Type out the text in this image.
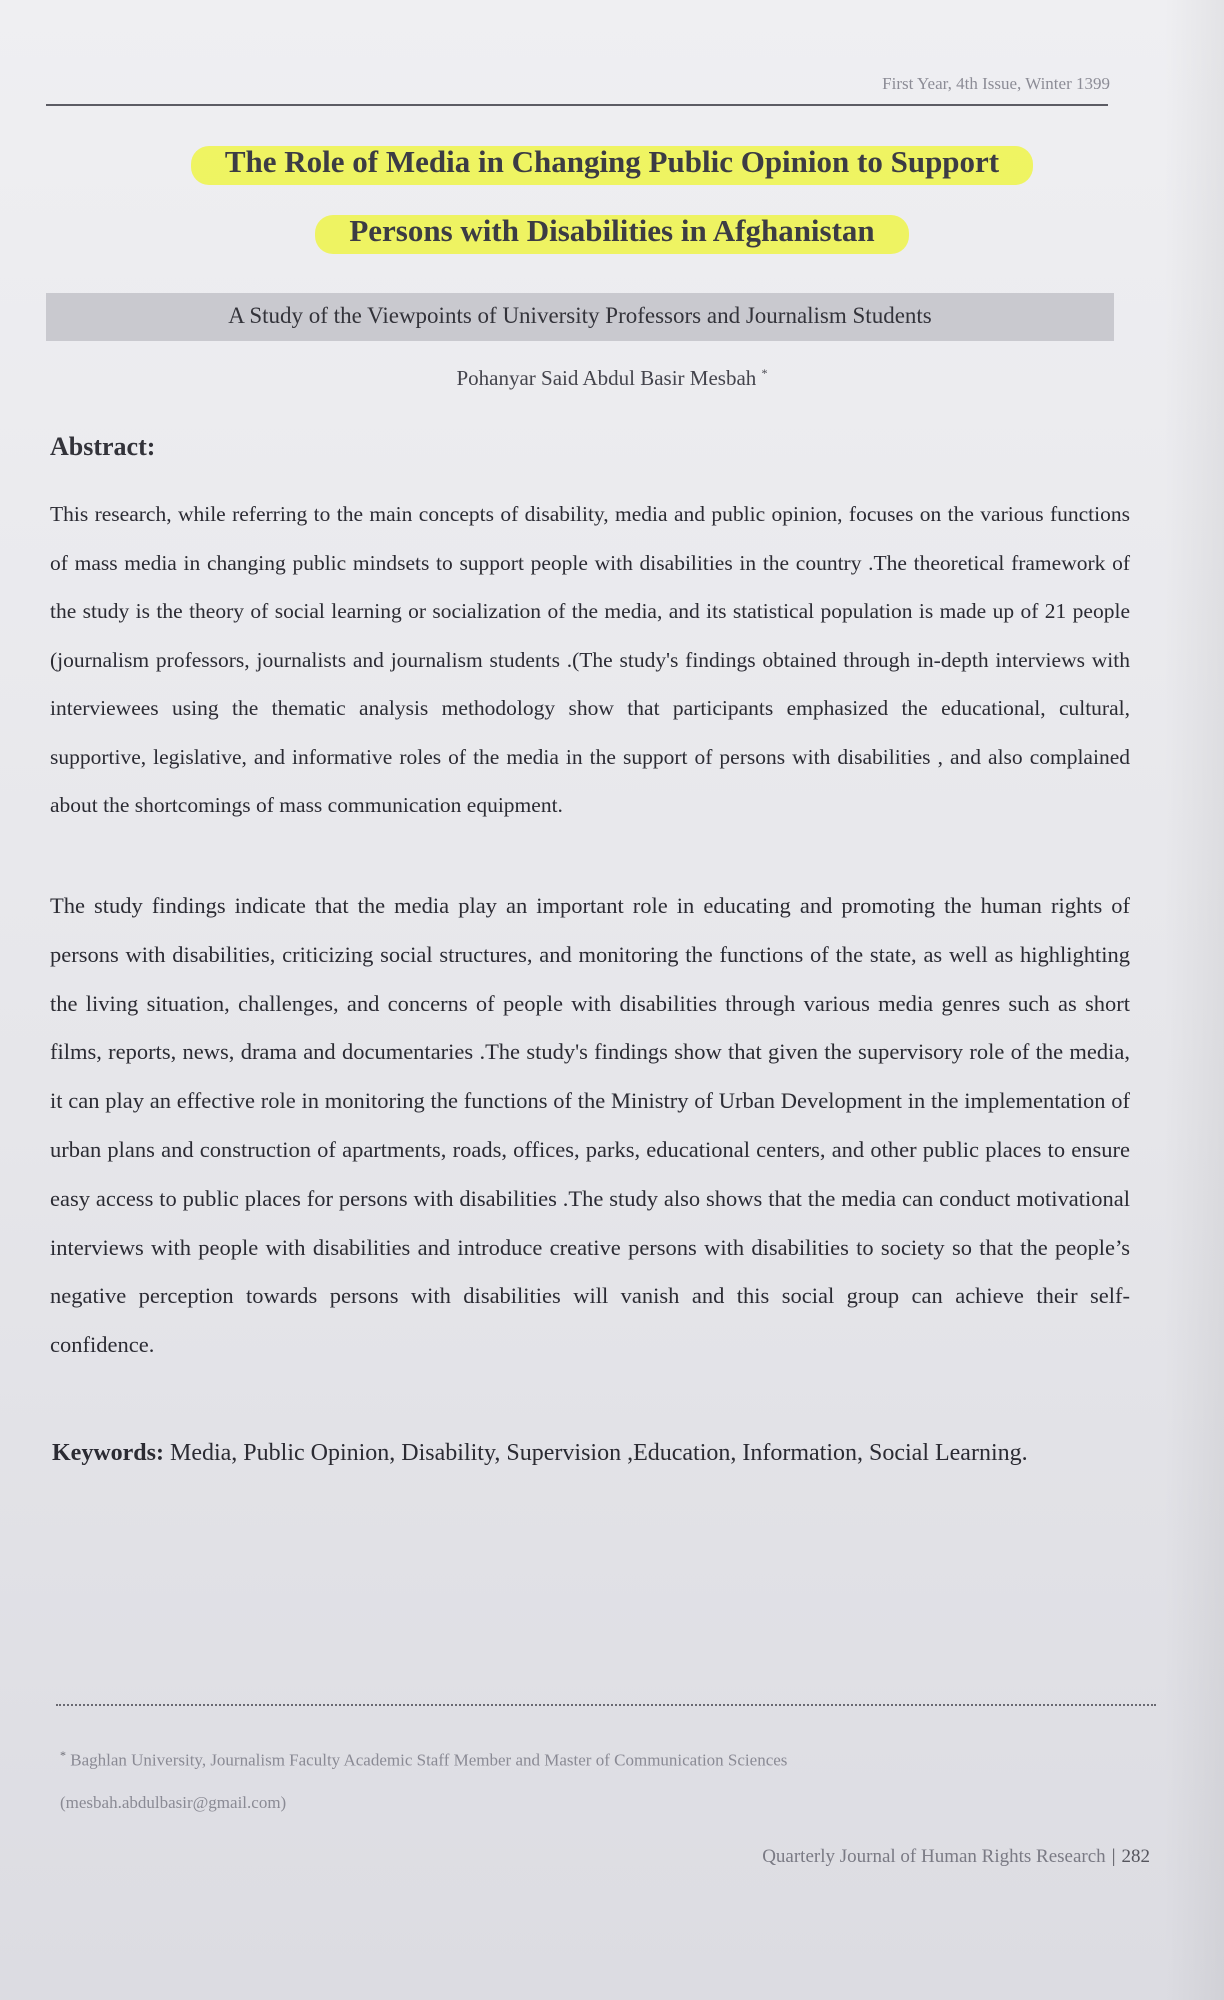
First Year, 4th Issue, Winter 1399
The Role of Media in Changing Public Opinion to Support
Persons with Disabilities in Afghanistan
A Study of the Viewpoints of University Professors and Journalism Students
Pohanyar Said Abdul Basir Mesbah *
Abstract:
This research, while referring to the main concepts of disability, media and public opinion, focuses on the various functions of mass media in changing public mindsets to support people with disabilities in the country .The theoretical framework of the study is the theory of social learning or socialization of the media, and its statistical population is made up of 21 people (journalism professors, journalists and journalism students .(The study's findings obtained through in-depth interviews with interviewees using the thematic analysis methodology show that participants emphasized the educational, cultural, supportive, legislative, and informative roles of the media in the support of persons with disabilities , and also complained about the shortcomings of mass communication equipment.
The study findings indicate that the media play an important role in educating and promoting the human rights of persons with disabilities, criticizing social structures, and monitoring the functions of the state, as well as highlighting the living situation, challenges, and concerns of people with disabilities through various media genres such as short films, reports, news, drama and documentaries .The study's findings show that given the supervisory role of the media, it can play an effective role in monitoring the functions of the Ministry of Urban Development in the implementation of urban plans and construction of apartments, roads, offices, parks, educational centers, and other public places to ensure easy access to public places for persons with disabilities .The study also shows that the media can conduct motivational interviews with people with disabilities and introduce creative persons with disabilities to society so that the people’s negative perception towards persons with disabilities will vanish and this social group can achieve their self-confidence.
Keywords: Media, Public Opinion, Disability, Supervision ,Education, Information, Social Learning.
* Baghlan University, Journalism Faculty Academic Staff Member and Master of Communication Sciences
(mesbah.abdulbasir@gmail.com)
Quarterly Journal of Human Rights Research | 282
